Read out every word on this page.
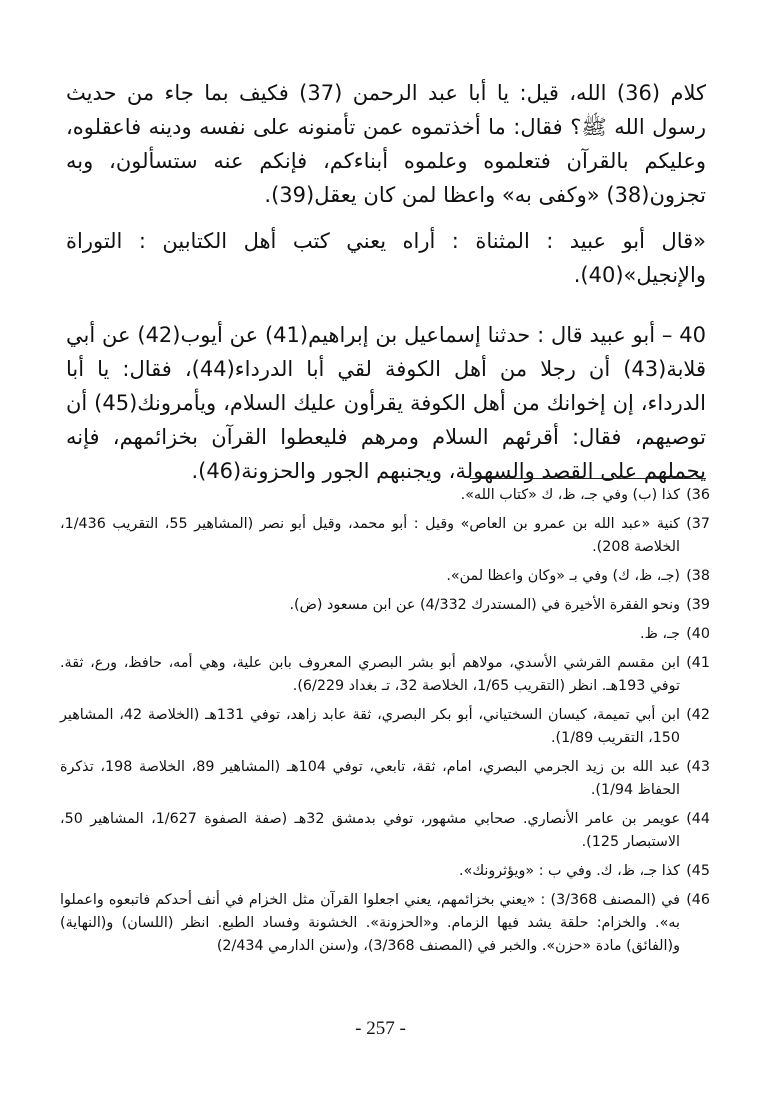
كلام (36) الله، قيل: يا أبا عبد الرحمن (37) فكيف بما جاء من حديث رسول الله ﷺ؟ فقال: ما أخذتموه عمن تأمنونه على نفسه ودينه فاعقلوه، وعليكم بالقرآن فتعلموه وعلموه أبناءكم، فإنكم عنه ستسألون، وبه تجزون(38) «وكفى به» واعظا لمن كان يعقل(39).

«قال أبو عبيد : المثناة : أراه يعني كتب أهل الكتابين : التوراة والإنجيل»(40).

40 – أبو عبيد قال : حدثنا إسماعيل بن إبراهيم(41) عن أيوب(42) عن أبي قلابة(43) أن رجلا من أهل الكوفة لقي أبا الدرداء(44)، فقال: يا أبا الدرداء، إن إخوانك من أهل الكوفة يقرأون عليك السلام، ويأمرونك(45) أن توصيهم، فقال: أقرئهم السلام ومرهم فليعطوا القرآن بخزائمهم، فإنه يحملهم على القصد والسهولة، ويجنبهم الجور والحزونة(46).

36)
كذا (ب) وفي جـ، ظ، ك «كتاب الله».
37)
كنية «عبد الله بن عمرو بن العاص» وقيل : أبو محمد، وقيل أبو نصر (المشاهير 55، التقريب 1/436، الخلاصة 208).
38)
(جـ، ظ، ك) وفي بـ «وكان واعظا لمن».
39)
ونحو الفقرة الأخيرة في (المستدرك 4/332) عن ابن مسعود (ض).
40)
جـ، ظ.
41)
ابن مقسم القرشي الأسدي، مولاهم أبو بشر البصري المعروف بابن علية، وهي أمه، حافظ، ورع، ثقة. توفي 193هـ. انظر (التقريب 1/65، الخلاصة 32، تـ بغداد 6/229).
42)
ابن أبي تميمة، كيسان السختياني، أبو بكر البصري، ثقة عابد زاهد، توفي 131هـ (الخلاصة 42، المشاهير 150، التقريب 1/89).
43)
عبد الله بن زيد الجرمي البصري، امام، ثقة، تابعي، توفي 104هـ (المشاهير 89، الخلاصة 198، تذكرة الحفاظ 1/94).
44)
عويمر بن عامر الأنصاري. صحابي مشهور، توفي بدمشق 32هـ (صفة الصفوة 1/627، المشاهير 50، الاستبصار 125).
45)
كذا جـ، ظ، ك. وفي ب : «ويؤثرونك».
46)
في (المصنف 3/368) : «يعني بخزائمهم، يعني اجعلوا القرآن مثل الخزام في أنف أحدكم فاتبعوه واعملوا به». والخزام: حلقة يشد فيها الزمام. و«الحزونة». الخشونة وفساد الطبع. انظر (اللسان) و(النهاية) و(الفائق) مادة «حزن». والخبر في (المصنف 3/368)، و(سنن الدارمي 2/434)
- 257 -
